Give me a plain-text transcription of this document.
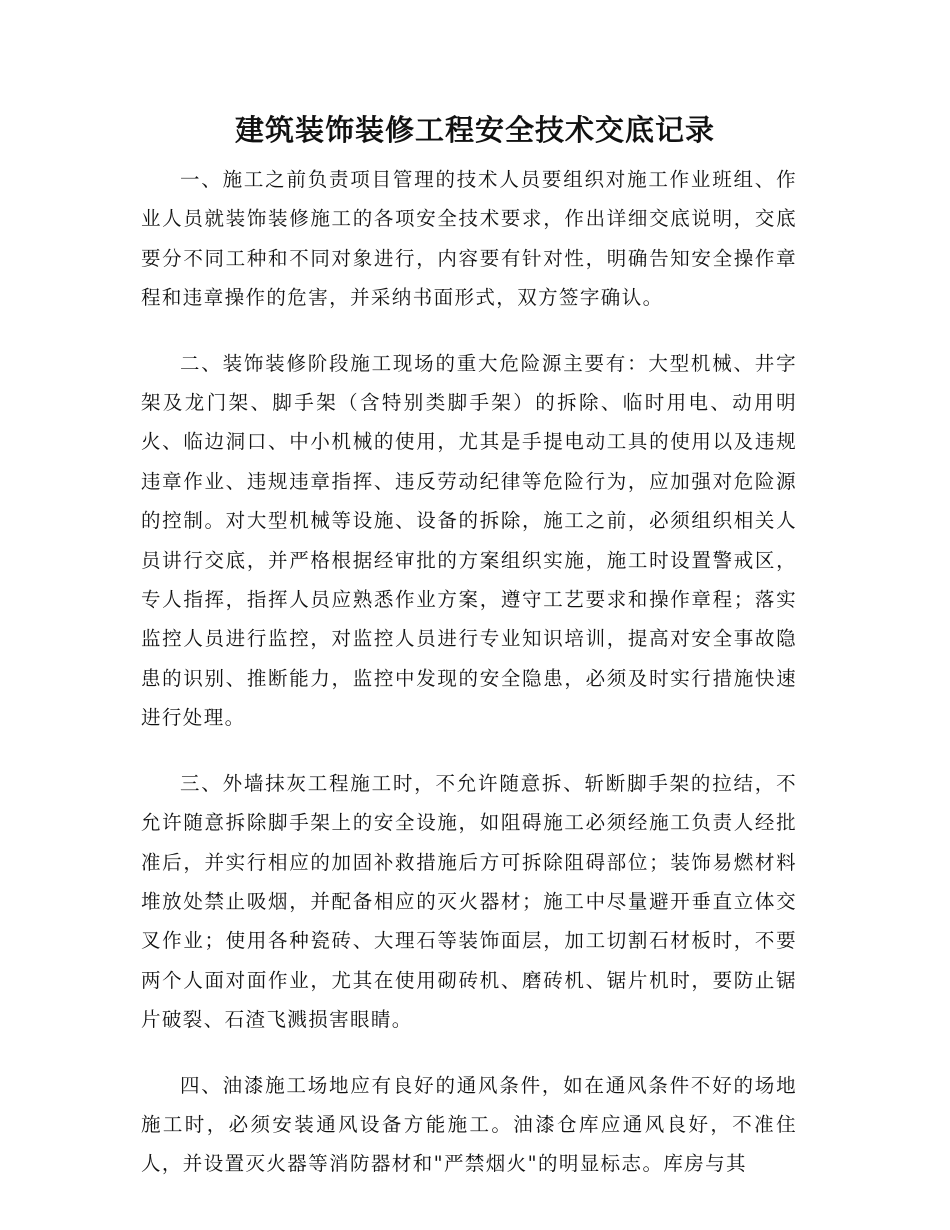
建筑装饰装修工程安全技术交底记录

一、施工之前负责项目管理的技术人员要组织对施工作业班组、作业人员就装饰装修施工的各项安全技术要求，作出详细交底说明，交底要分不同工种和不同对象进行，内容要有针对性，明确告知安全操作章程和违章操作的危害，并采纳书面形式，双方签字确认。

二、装饰装修阶段施工现场的重大危险源主要有：大型机械、井字架及龙门架、脚手架（含特别类脚手架）的拆除、临时用电、动用明火、临边洞口、中小机械的使用，尤其是手提电动工具的使用以及违规违章作业、违规违章指挥、违反劳动纪律等危险行为，应加强对危险源的控制。对大型机械等设施、设备的拆除，施工之前，必须组织相关人员讲行交底，并严格根据经审批的方案组织实施，施工时设置警戒区，专人指挥，指挥人员应熟悉作业方案，遵守工艺要求和操作章程；落实监控人员进行监控，对监控人员进行专业知识培训，提高对安全事故隐患的识别、推断能力，监控中发现的安全隐患，必须及时实行措施快速进行处理。

三、外墙抹灰工程施工时，不允许随意拆、斩断脚手架的拉结，不允许随意拆除脚手架上的安全设施，如阻碍施工必须经施工负责人经批准后，并实行相应的加固补救措施后方可拆除阻碍部位；装饰易燃材料堆放处禁止吸烟，并配备相应的灭火器材；施工中尽量避开垂直立体交叉作业；使用各种瓷砖、大理石等装饰面层，加工切割石材板时，不要两个人面对面作业，尤其在使用砌砖机、磨砖机、锯片机时，要防止锯片破裂、石渣飞溅损害眼睛。

四、油漆施工场地应有良好的通风条件，如在通风条件不好的场地施工时，必须安装通风设备方能施工。油漆仓库应通风良好，不准住人，并设置灭火器等消防器材和"严禁烟火"的明显标志。库房与其
